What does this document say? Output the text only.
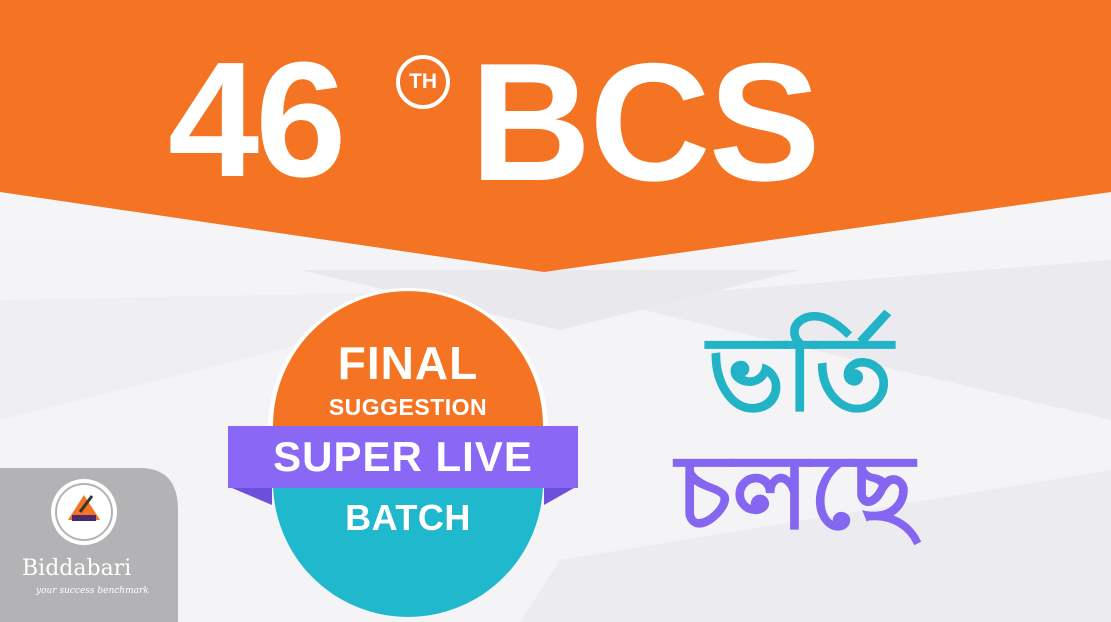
46	TH BCS
FINAL
SUGGESTION
SUPER LIVE
BATCH
ভর্তি
চলছে
Biddabari
your success benchmark
